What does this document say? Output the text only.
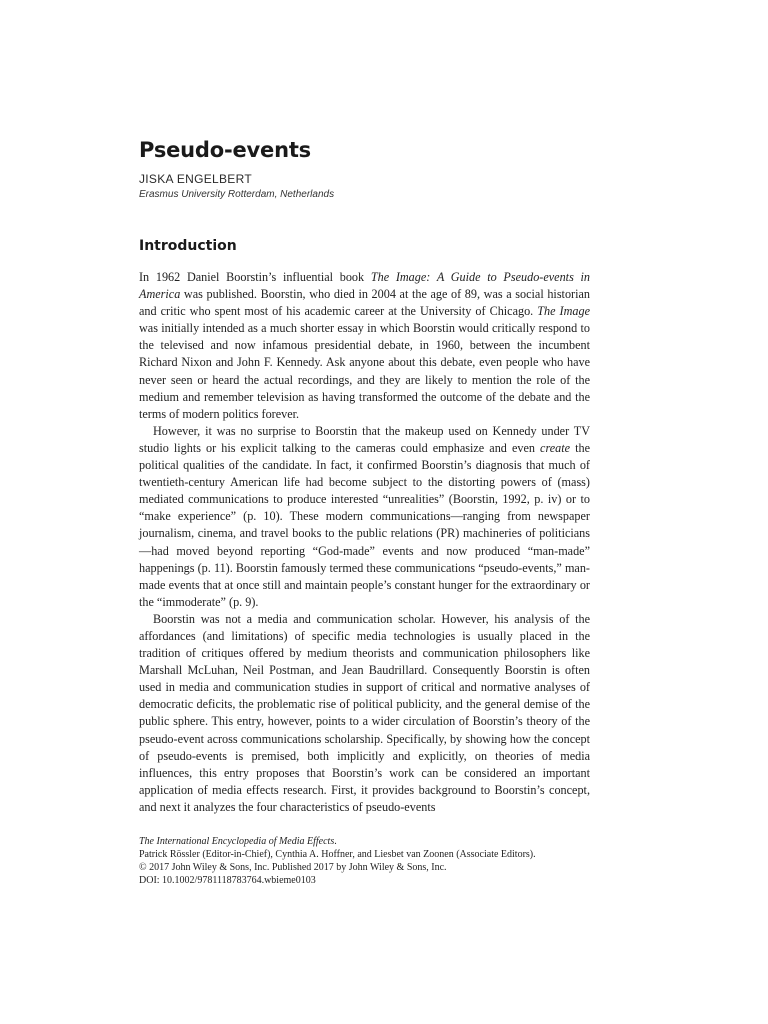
Pseudo-events
JISKA ENGELBERT
Erasmus University Rotterdam, Netherlands
Introduction

In 1962 Daniel Boorstin’s influential book The Image: A Guide to Pseudo-events in America was published. Boorstin, who died in 2004 at the age of 89, was a social historian and critic who spent most of his academic career at the University of Chicago. The Image was initially intended as a much shorter essay in which Boorstin would critically respond to the televised and now infamous presidential debate, in 1960, between the incumbent Richard Nixon and John F. Kennedy. Ask anyone about this debate, even people who have never seen or heard the actual recordings, and they are likely to mention the role of the medium and remember television as having transformed the outcome of the debate and the terms of modern politics forever.

However, it was no surprise to Boorstin that the makeup used on Kennedy under TV studio lights or his explicit talking to the cameras could emphasize and even create the political qualities of the candidate. In fact, it confirmed Boorstin’s diagnosis that much of twentieth-century American life had become subject to the distorting powers of (mass) mediated communications to produce interested “unrealities” (Boorstin, 1992, p. iv) or to “make experience” (p. 10). These modern communications—ranging from newspaper journalism, cinema, and travel books to the public relations (PR) machineries of politicians—had moved beyond reporting “God-made” events and now produced “man-made” happenings (p. 11). Boorstin famously termed these communications “pseudo-events,” man-made events that at once still and maintain people’s constant hunger for the extraordinary or the “immoderate” (p. 9).

Boorstin was not a media and communication scholar. However, his analysis of the affordances (and limitations) of specific media technologies is usually placed in the tradition of critiques offered by medium theorists and communication philosophers like Marshall McLuhan, Neil Postman, and Jean Baudrillard. Consequently Boorstin is often used in media and communication studies in support of critical and normative analyses of democratic deficits, the problematic rise of political publicity, and the general demise of the public sphere. This entry, however, points to a wider circulation of Boorstin’s theory of the pseudo-event across communications scholarship. Specifically, by showing how the concept of pseudo-events is premised, both implicitly and explicitly, on theories of media influences, this entry proposes that Boorstin’s work can be considered an important application of media effects research. First, it provides background to Boorstin’s concept, and next it analyzes the four characteristics of pseudo-events

The International Encyclopedia of Media Effects.
Patrick Rössler (Editor-in-Chief), Cynthia A. Hoffner, and Liesbet van Zoonen (Associate Editors).
© 2017 John Wiley & Sons, Inc. Published 2017 by John Wiley & Sons, Inc.
DOI: 10.1002/9781118783764.wbieme0103
